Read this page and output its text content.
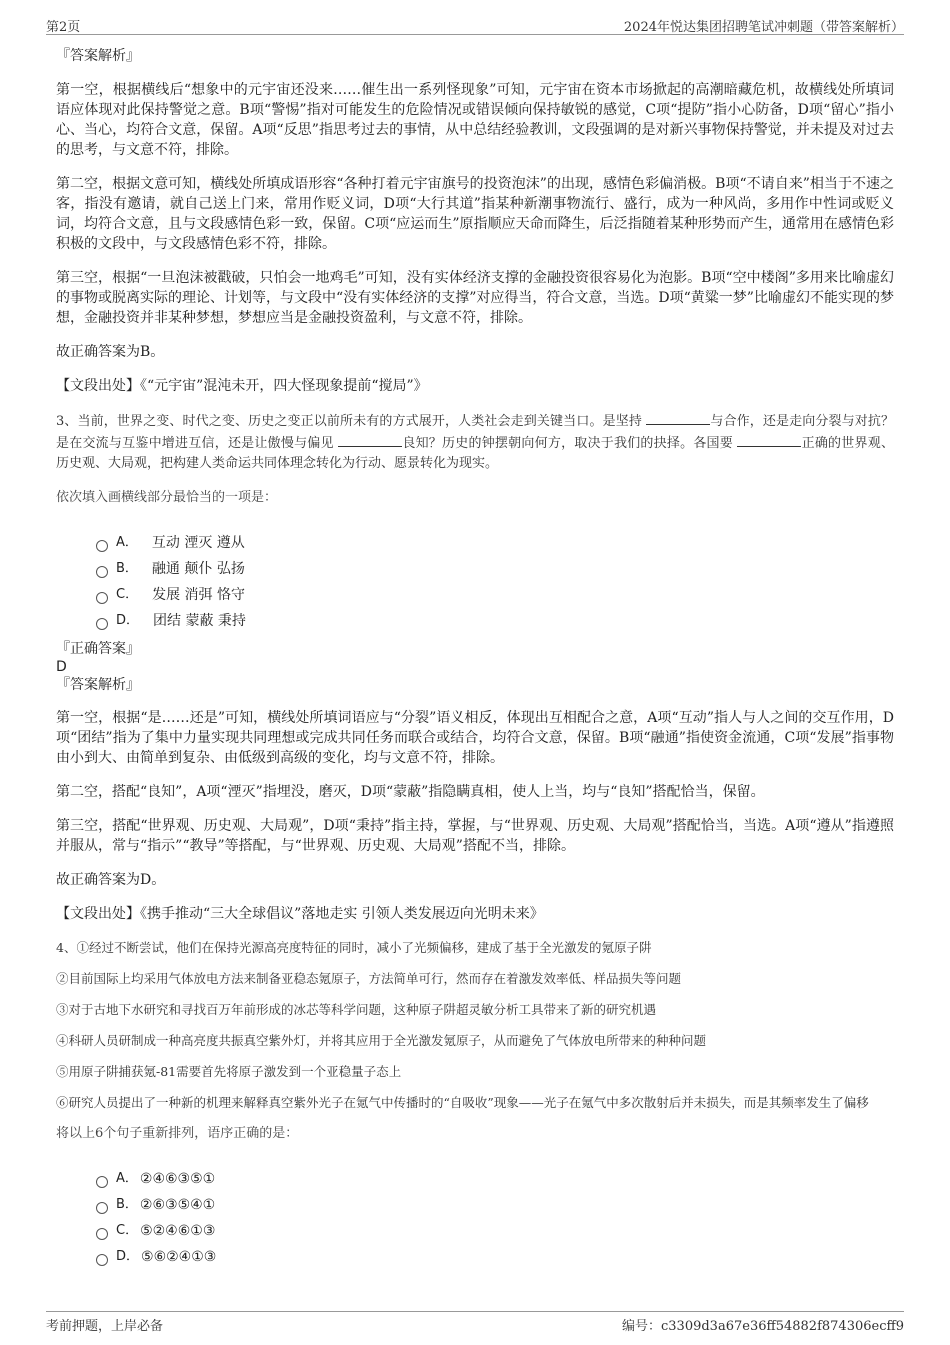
第2页	2024年悦达集团招聘笔试冲刺题（带答案解析）
『答案解析』

第一空，根据横线后“想象中的元宇宙还没来……催生出一系列怪现象”可知，元宇宙在资本市场掀起的高潮暗藏危机，故横线处所填词语应体现对此保持警觉之意。B项“警惕”指对可能发生的危险情况或错误倾向保持敏锐的感觉，C项“提防”指小心防备，D项“留心”指小心、当心，均符合文意，保留。A项“反思”指思考过去的事情，从中总结经验教训，文段强调的是对新兴事物保持警觉，并未提及对过去的思考，与文意不符，排除。

第二空，根据文意可知，横线处所填成语形容“各种打着元宇宙旗号的投资泡沫”的出现，感情色彩偏消极。B项“不请自来”相当于不速之客，指没有邀请，就自己送上门来，常用作贬义词，D项“大行其道”指某种新潮事物流行、盛行，成为一种风尚，多用作中性词或贬义词，均符合文意，且与文段感情色彩一致，保留。C项“应运而生”原指顺应天命而降生，后泛指随着某种形势而产生，通常用在感情色彩积极的文段中，与文段感情色彩不符，排除。

第三空，根据“一旦泡沫被戳破，只怕会一地鸡毛”可知，没有实体经济支撑的金融投资很容易化为泡影。B项“空中楼阁”多用来比喻虚幻的事物或脱离实际的理论、计划等，与文段中“没有实体经济的支撑”对应得当，符合文意，当选。D项“黄粱一梦”比喻虚幻不能实现的梦想，金融投资并非某种梦想，梦想应当是金融投资盈利，与文意不符，排除。

故正确答案为B。

【文段出处】《“元宇宙”混沌未开，四大怪现象提前“搅局”》

3、当前，世界之变、时代之变、历史之变正以前所未有的方式展开，人类社会走到关键当口。是坚持	与合作，还是走向分裂与对抗？是在交流与互鉴中增进互信，还是让傲慢与偏见	良知？历史的钟摆朝向何方，取决于我们的抉择。各国要	正确的世界观、历史观、大局观，把构建人类命运共同体理念转化为行动、愿景转化为现实。

依次填入画横线部分最恰当的一项是：
A． 互动 湮灭 遵从
B． 融通 颠仆 弘扬
C． 发展 消弭 恪守
D． 团结 蒙蔽 秉持
『正确答案』
D
『答案解析』

第一空，根据“是……还是”可知，横线处所填词语应与“分裂”语义相反，体现出互相配合之意，A项“互动”指人与人之间的交互作用，D项“团结”指为了集中力量实现共同理想或完成共同任务而联合或结合，均符合文意，保留。B项“融通”指使资金流通，C项“发展”指事物由小到大、由简单到复杂、由低级到高级的变化，均与文意不符，排除。

第二空，搭配“良知”，A项“湮灭”指埋没，磨灭，D项“蒙蔽”指隐瞒真相，使人上当，均与“良知”搭配恰当，保留。

第三空，搭配“世界观、历史观、大局观”，D项“秉持”指主持，掌握，与“世界观、历史观、大局观”搭配恰当，当选。A项“遵从”指遵照并服从，常与“指示”“教导”等搭配，与“世界观、历史观、大局观”搭配不当，排除。

故正确答案为D。

【文段出处】《携手推动“三大全球倡议”落地走实 引领人类发展迈向光明未来》

4、①经过不断尝试，他们在保持光源高亮度特征的同时，减小了光频偏移，建成了基于全光激发的氪原子阱

②目前国际上均采用气体放电方法来制备亚稳态氪原子，方法简单可行，然而存在着激发效率低、样品损失等问题

③对于古地下水研究和寻找百万年前形成的冰芯等科学问题，这种原子阱超灵敏分析工具带来了新的研究机遇

④科研人员研制成一种高亮度共振真空紫外灯，并将其应用于全光激发氪原子，从而避免了气体放电所带来的种种问题

⑤用原子阱捕获氪-81需要首先将原子激发到一个亚稳量子态上

⑥研究人员提出了一种新的机理来解释真空紫外光子在氪气中传播时的“自吸收”现象——光子在氪气中多次散射后并未损失，而是其频率发生了偏移

将以上6个句子重新排列，语序正确的是：
A． ②④⑥③⑤①
B． ②⑥③⑤④①
C． ⑤②④⑥①③
D． ⑤⑥②④①③
考前押题，上岸必备	编号：c3309d3a67e36ff54882f874306ecff9
